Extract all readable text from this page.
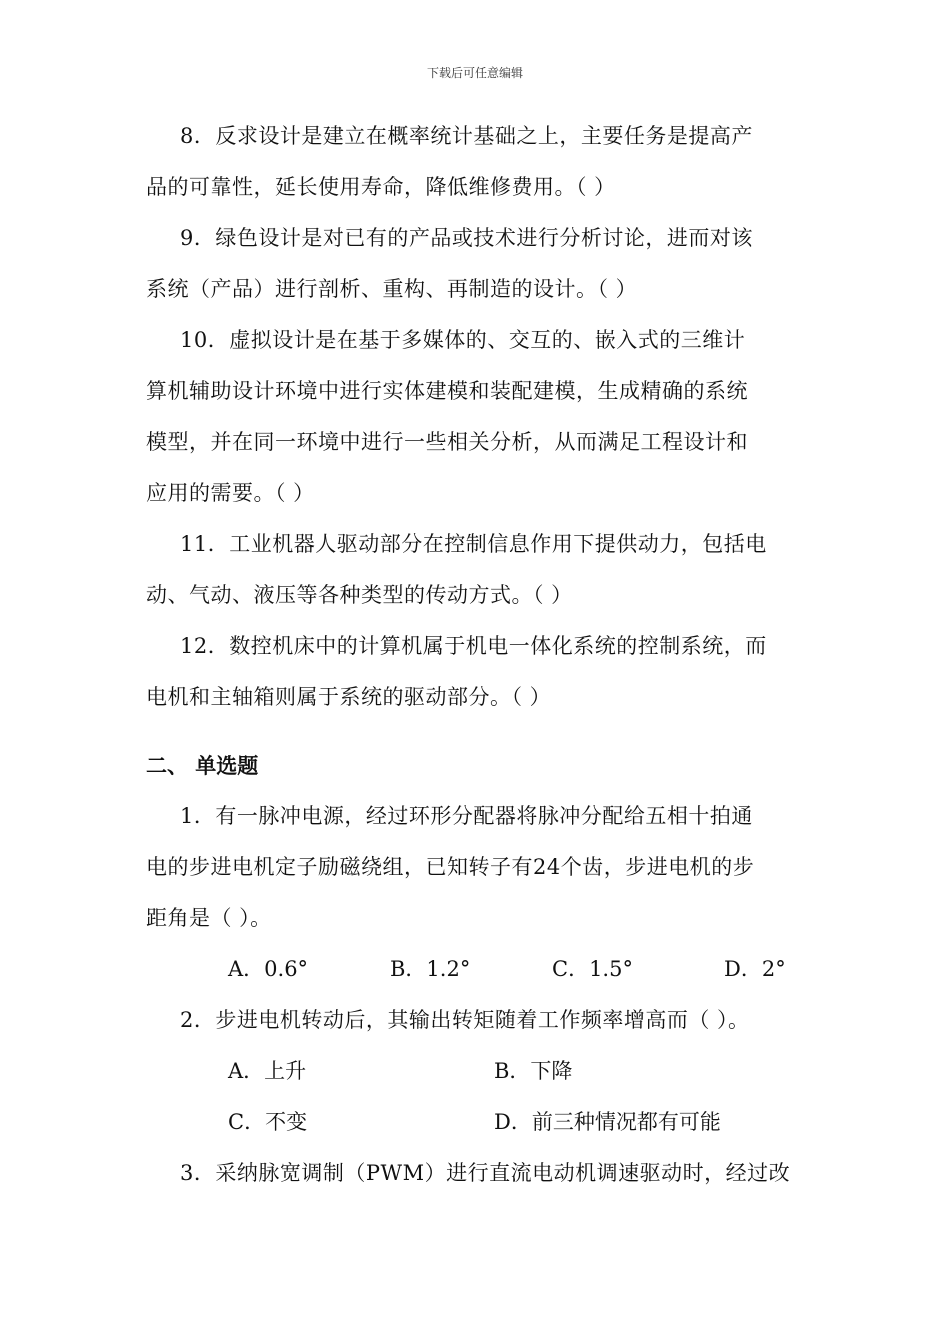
下载后可任意编辑
8．反求设计是建立在概率统计基础之上，主要任务是提高产
品的可靠性，延长使用寿命，降低维修费用。（ ）
9．绿色设计是对已有的产品或技术进行分析讨论，进而对该
系统（产品）进行剖析、重构、再制造的设计。（ ）
10．虚拟设计是在基于多媒体的、交互的、嵌入式的三维计
算机辅助设计环境中进行实体建模和装配建模，生成精确的系统
模型，并在同一环境中进行一些相关分析，从而满足工程设计和
应用的需要。（ ）
11．工业机器人驱动部分在控制信息作用下提供动力，包括电
动、气动、液压等各种类型的传动方式。（ ）
12．数控机床中的计算机属于机电一体化系统的控制系统，而
电机和主轴箱则属于系统的驱动部分。（ ）
二、 单选题
1．有一脉冲电源，经过环形分配器将脉冲分配给五相十拍通
电的步进电机定子励磁绕组，已知转子有24个齿，步进电机的步
距角是（ ）。
A．0.6°	B．1.2°	C．1.5°	D．2°
2．步进电机转动后，其输出转矩随着工作频率增高而（ ）。
A．上升	B．下降
C．不变	D．前三种情况都有可能
3．采纳脉宽调制（PWM）进行直流电动机调速驱动时，经过改
